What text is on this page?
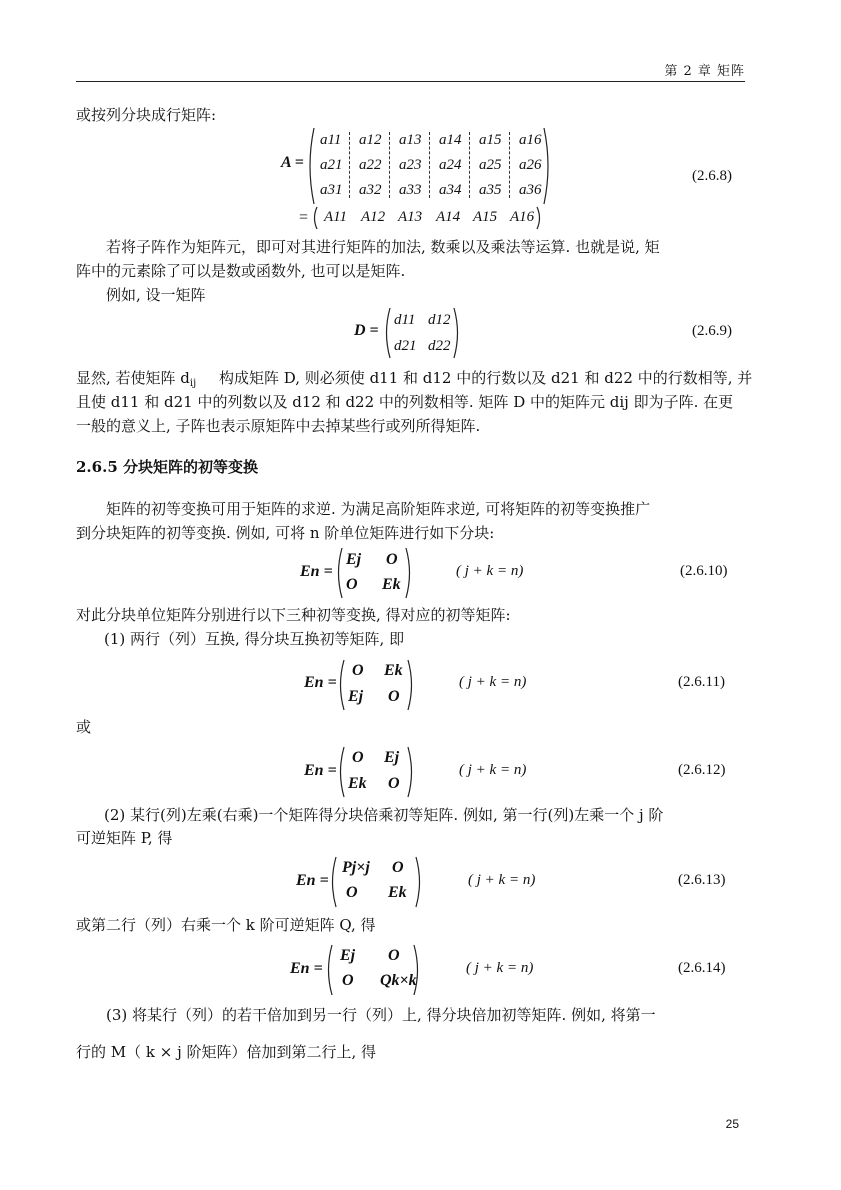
第 2 章 矩阵
或按列分块成行矩阵:
A =
a11 a12 a13 a14 a15 a16
a21 a22 a23 a24 a25 a26
a31 a32 a33 a34 a35 a36
(2.6.8)
= A11 A12 A13 A14 A15 A16
若将子阵作为矩阵元，即可对其进行矩阵的加法, 数乘以及乘法等运算. 也就是说, 矩
阵中的元素除了可以是数或函数外, 也可以是矩阵.
例如, 设一矩阵
D =
d11 d12
d21 d22
(2.6.9)
显然, 若使矩阵 $d_{ij}$ 构成矩阵 D, 则必须使 d11 和 d12 中的行数以及 d21 和 d22 中的行数相等, 并
且使 d11 和 d21 中的列数以及 d12 和 d22 中的列数相等. 矩阵 D 中的矩阵元 dij 即为子阵. 在更
一般的意义上, 子阵也表示原矩阵中去掉某些行或列所得矩阵.
2.6.5 分块矩阵的初等变换
矩阵的初等变换可用于矩阵的求逆. 为满足高阶矩阵求逆, 可将矩阵的初等变换推广
到分块矩阵的初等变换. 例如, 可将 n 阶单位矩阵进行如下分块:
En =
Ej O
O Ek
( j + k = n)	(2.6.10)
对此分块单位矩阵分别进行以下三种初等变换, 得对应的初等矩阵:
(1) 两行（列）互换, 得分块互换初等矩阵, 即
En =
O Ek
Ej O
( j + k = n)	(2.6.11)
或
En =
O Ej
Ek O
( j + k = n)	(2.6.12)
(2) 某行(列)左乘(右乘)一个矩阵得分块倍乘初等矩阵. 例如, 第一行(列)左乘一个 j 阶
可逆矩阵 P, 得
En =
Pj×j O
O Ek
( j + k = n)	(2.6.13)
或第二行（列）右乘一个 k 阶可逆矩阵 Q, 得
En =
Ej O
O Qk×k
( j + k = n)	(2.6.14)
(3) 将某行（列）的若干倍加到另一行（列）上, 得分块倍加初等矩阵. 例如, 将第一
行的 M（ k × j 阶矩阵）倍加到第二行上, 得
25
